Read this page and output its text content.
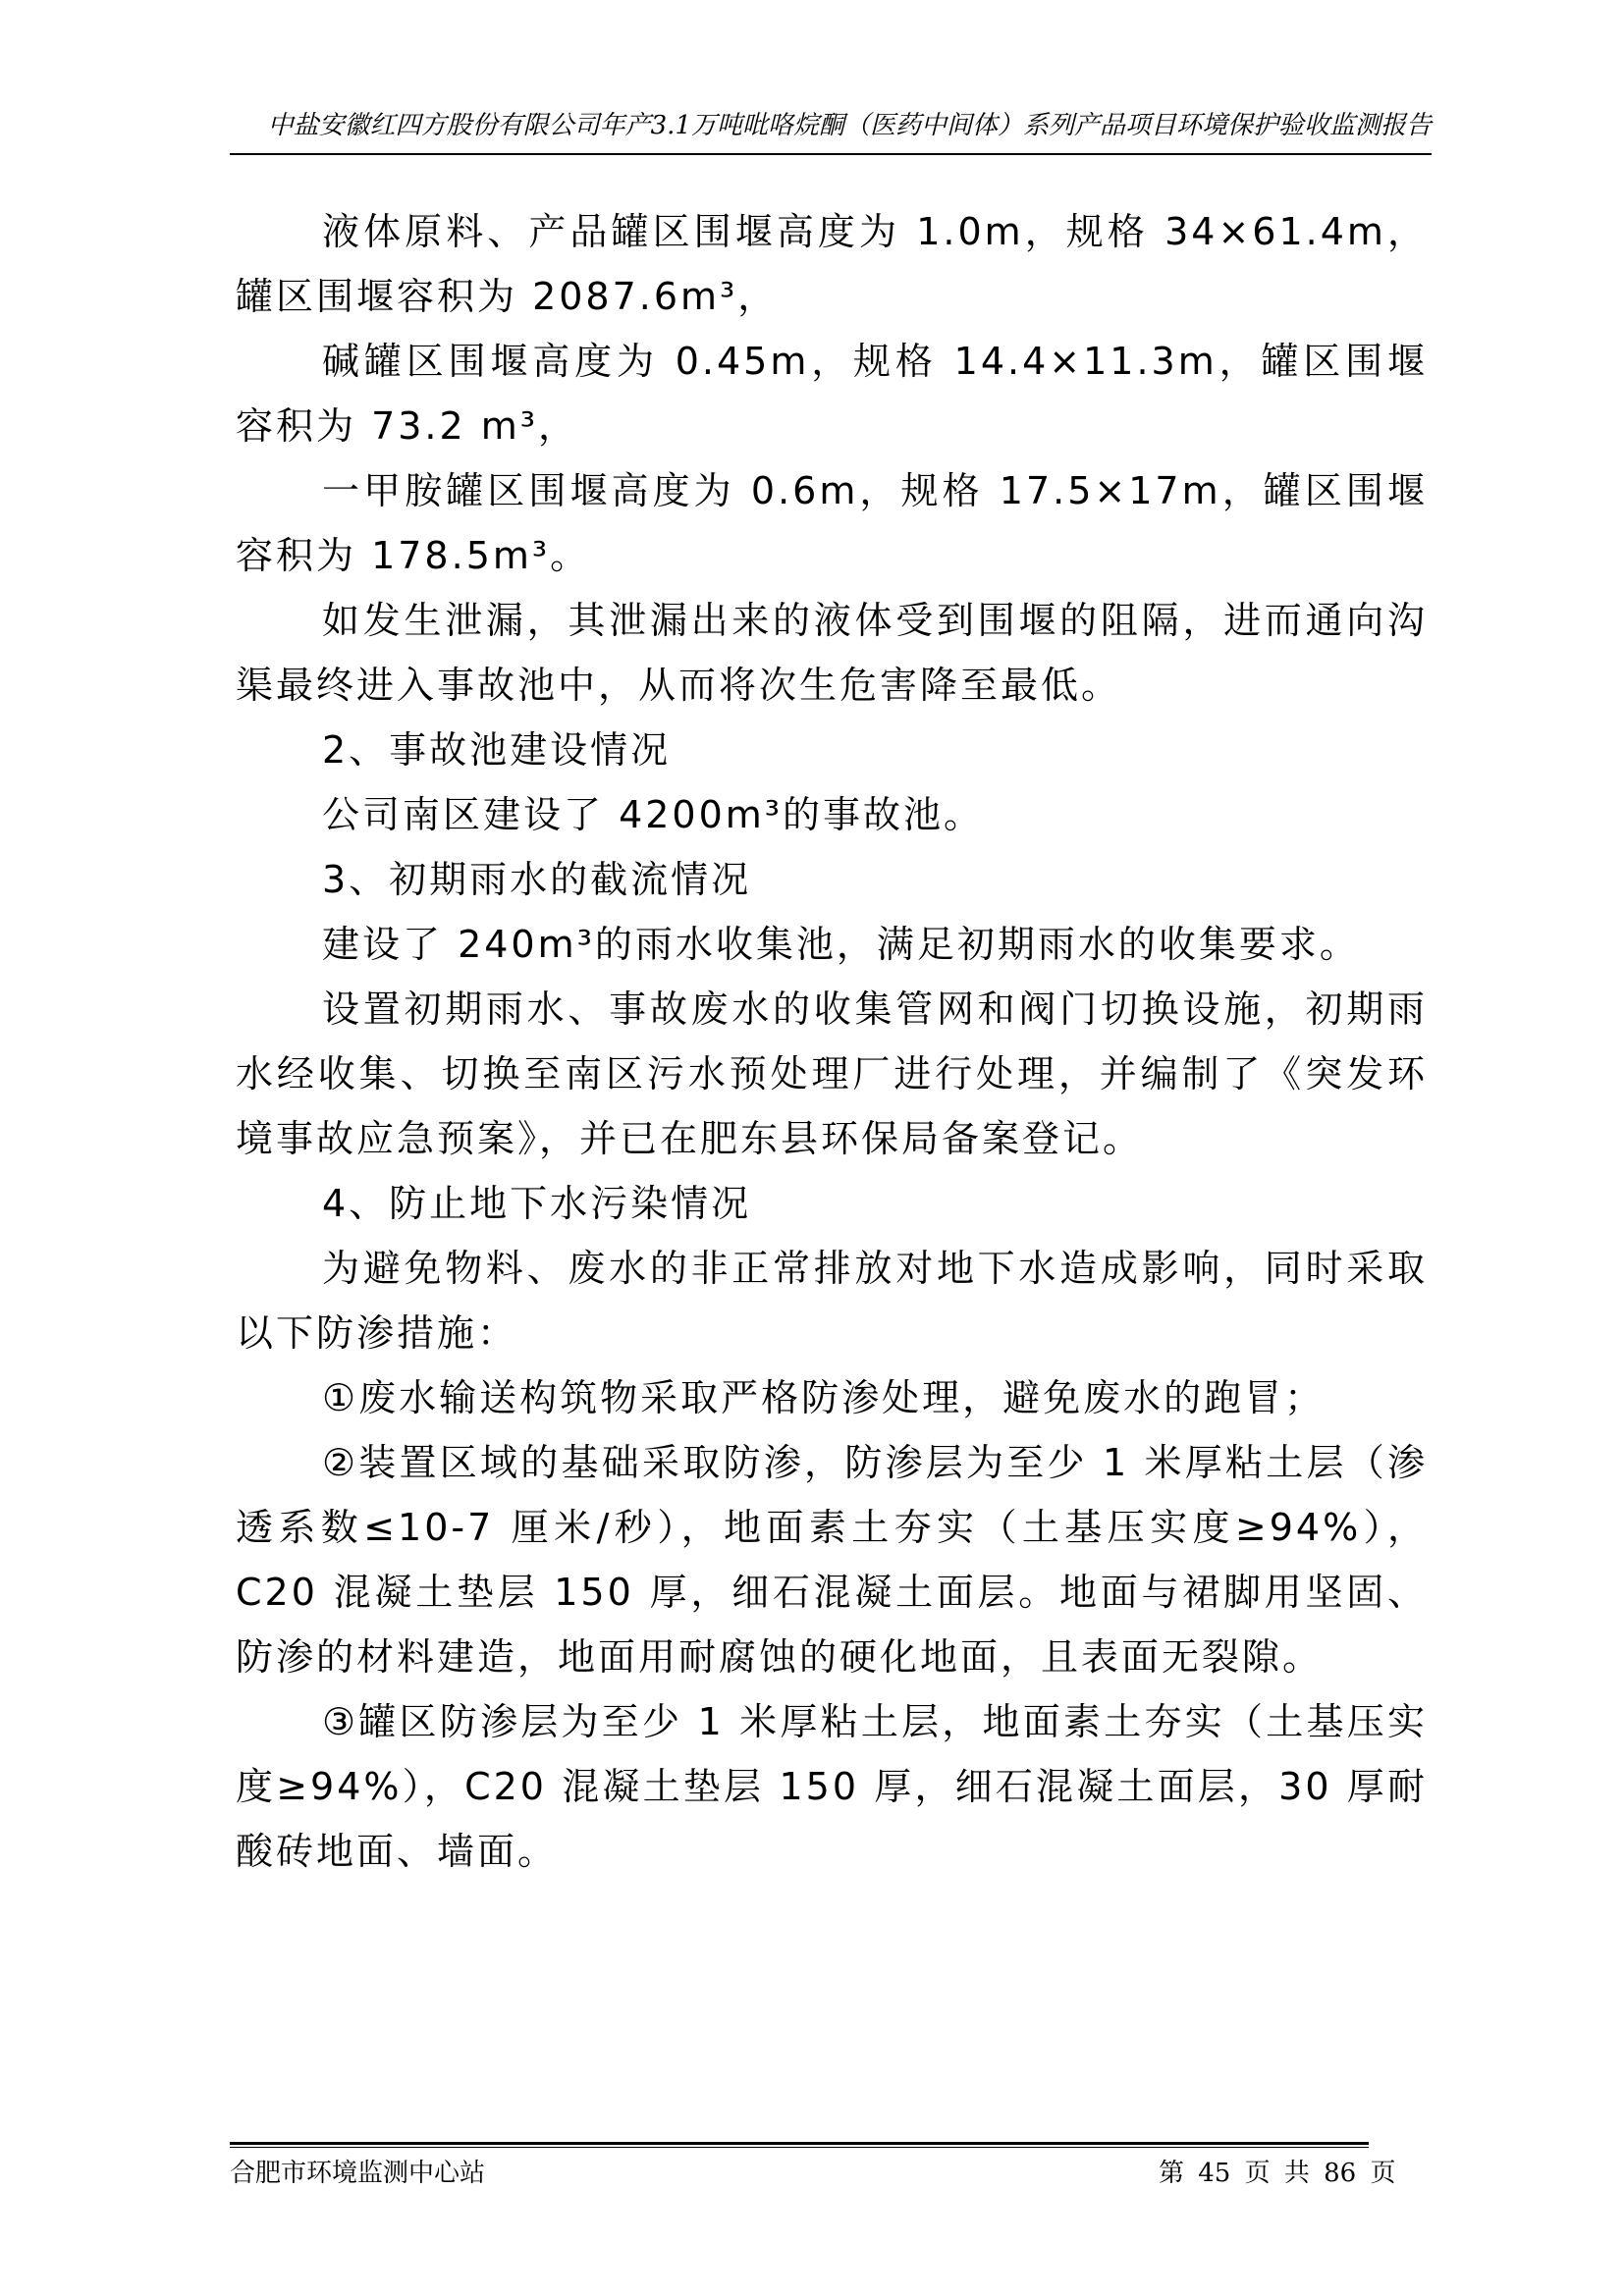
中盐安徽红四方股份有限公司年产3.1万吨吡咯烷酮（医药中间体）系列产品项目环境保护验收监测报告

液体原料、产品罐区围堰高度为 1.0m，规格 34×61.4m，罐区围堰容积为 2087.6m³，

碱罐区围堰高度为 0.45m，规格 14.4×11.3m，罐区围堰容积为 73.2 m³，

一甲胺罐区围堰高度为 0.6m，规格 17.5×17m，罐区围堰容积为 178.5m³。

如发生泄漏，其泄漏出来的液体受到围堰的阻隔，进而通向沟渠最终进入事故池中，从而将次生危害降至最低。

2、事故池建设情况

公司南区建设了 4200m³的事故池。

3、初期雨水的截流情况

建设了 240m³的雨水收集池，满足初期雨水的收集要求。

设置初期雨水、事故废水的收集管网和阀门切换设施，初期雨水经收集、切换至南区污水预处理厂进行处理，并编制了《突发环境事故应急预案》，并已在肥东县环保局备案登记。

4、防止地下水污染情况

为避免物料、废水的非正常排放对地下水造成影响，同时采取以下防渗措施：

①废水输送构筑物采取严格防渗处理，避免废水的跑冒；

②装置区域的基础采取防渗，防渗层为至少 1 米厚粘土层（渗透系数≤10-7 厘米/秒），地面素土夯实（土基压实度≥94%），C20 混凝土垫层 150 厚，细石混凝土面层。地面与裙脚用坚固、防渗的材料建造，地面用耐腐蚀的硬化地面，且表面无裂隙。

③罐区防渗层为至少 1 米厚粘土层，地面素土夯实（土基压实度≥94%），C20 混凝土垫层 150 厚，细石混凝土面层，30 厚耐酸砖地面、墙面。

合肥市环境监测中心站	第 45 页 共 86 页
